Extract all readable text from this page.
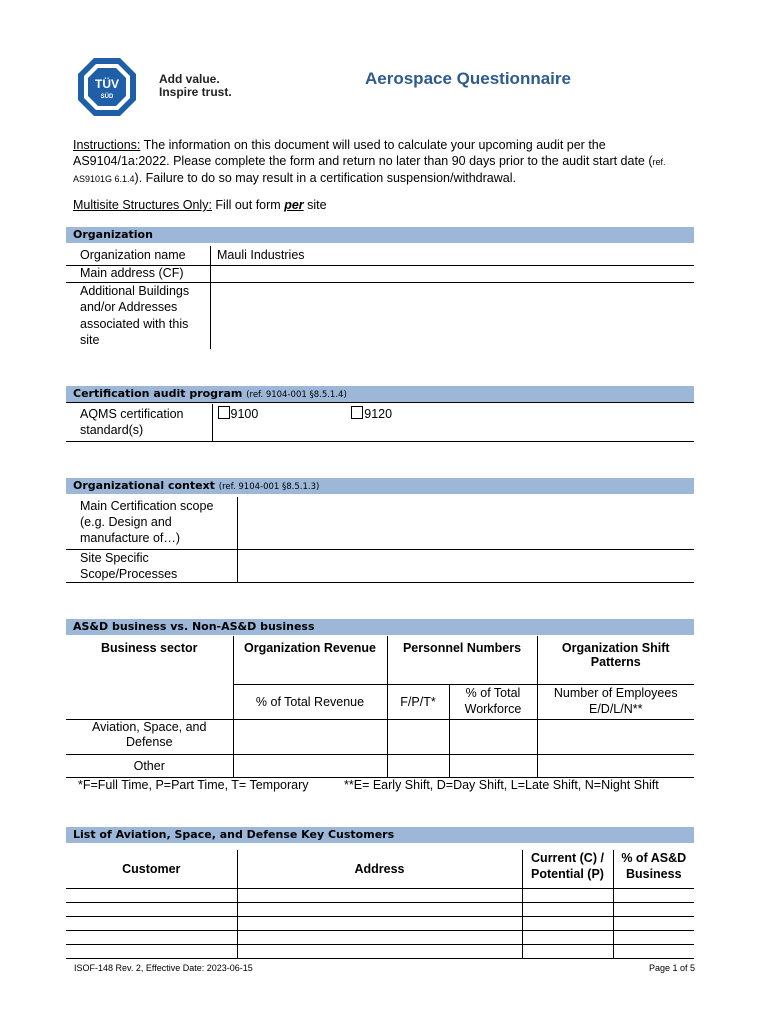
TÜV
SÜD
Add value.
Inspire trust.
Aerospace Questionnaire
Instructions: The information on this document will used to calculate your upcoming audit per the AS9104/1a:2022. Please complete the form and return no later than 90 days prior to the audit start date (ref. AS9101G 6.1.4). Failure to do so may result in a certification suspension/withdrawal.
Multisite Structures Only: Fill out form per site
Organization
Organization name	Mauli Industries
Main address (CF)	
Additional Buildings and/or Addresses associated with this site	
Certification audit program (ref. 9104-001 §8.5.1.4)
AQMS certification standard(s)	9100	9120
Organizational context (ref. 9104-001 §8.5.1.3)
Main Certification scope (e.g. Design and manufacture of…)	
Site Specific Scope/Processes	
AS&D business vs. Non-AS&D business
Business sector	Organization Revenue	Personnel Numbers		Organization Shift Patterns
	% of Total Revenue	F/P/T*	% of Total Workforce	Number of Employees E/D/L/N**
Aviation, Space, and Defense				
Other				
*F=Full Time, P=Part Time, T= Temporary	**E= Early Shift, D=Day Shift, L=Late Shift, N=Night Shift
List of Aviation, Space, and Defense Key Customers
Customer	Address	Current (C) / Potential (P)	% of AS&D Business

ISOF-148 Rev. 2, Effective Date: 2023-06-15	Page 1 of 5
